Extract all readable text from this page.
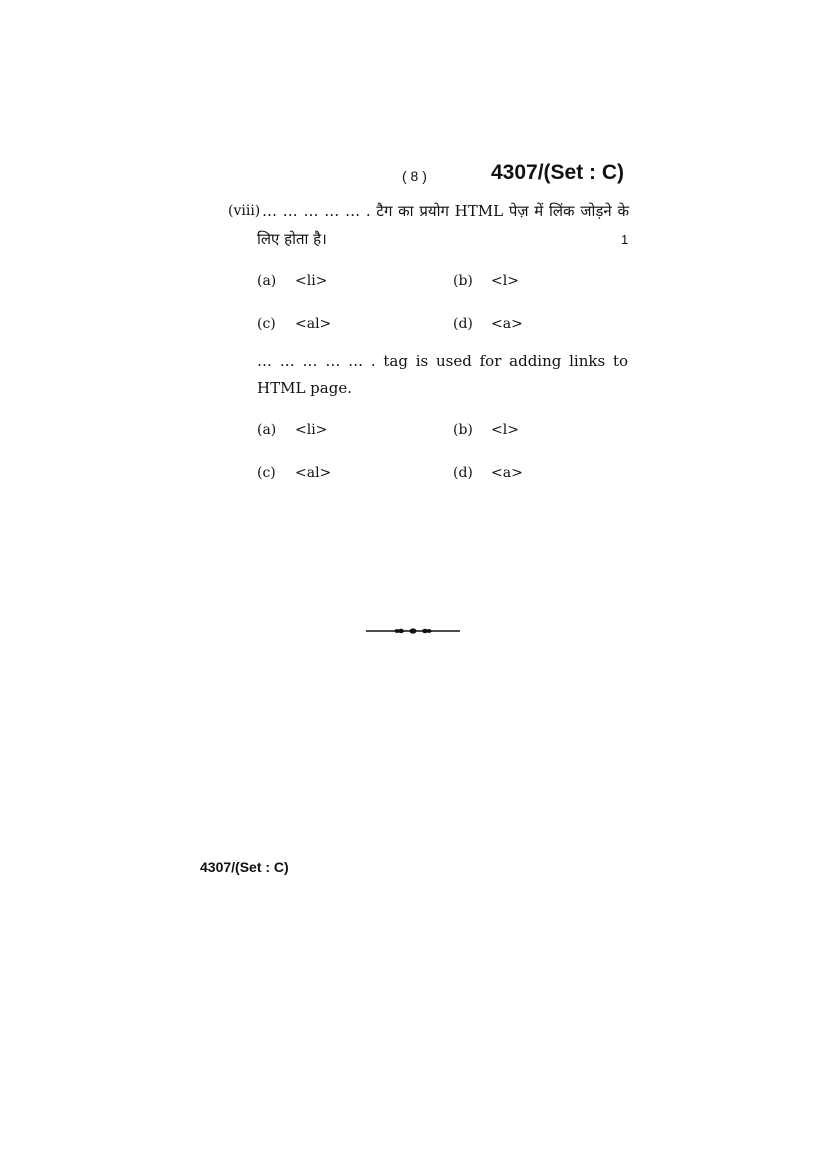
( 8 )	4307/(Set : C)
(viii) … … … … … . टैग का प्रयोग HTML पेज़ में लिंक जोड़ने के
लिए होता है।	1
(a) <li>	(b) <l>
(c) <al>	(d) <a>
… … … … … . tag is used for adding links to
HTML page.
(a) <li>	(b) <l>
(c) <al>	(d) <a>
4307/(Set : C)
